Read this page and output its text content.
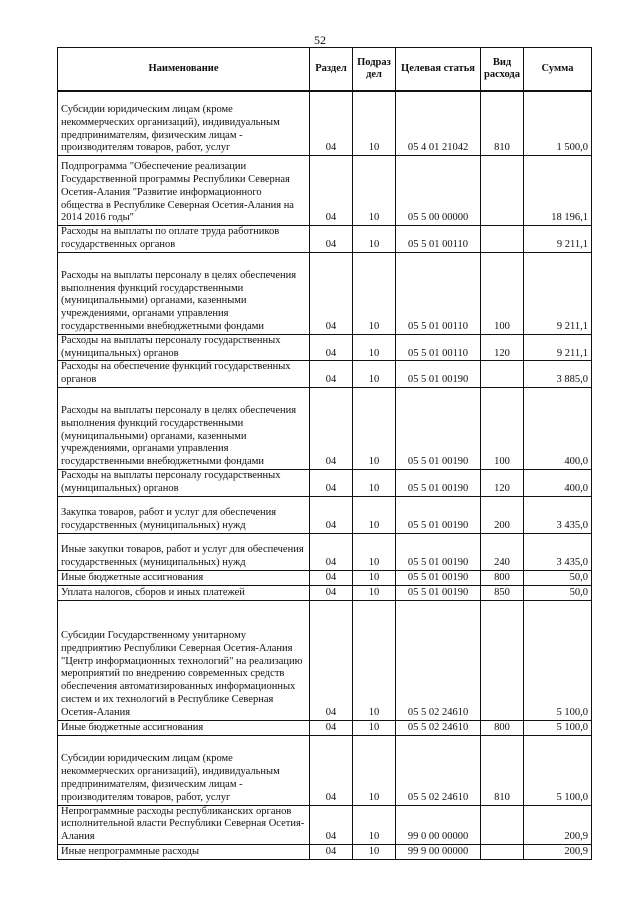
52
Наименование	Раздел	Подраз дел	Целевая статья	Вид расхода	Сумма
Субсидии юридическим лицам (кроме некоммерческих организаций), индивидуальным предпринимателям, физическим лицам - производителям товаров, работ, услуг	04	10	05 4 01 21042	810	1 500,0
Подпрограмма "Обеспечение реализации Государственной программы Республики Северная Осетия-Алания "Развитие информационного общества в Республике Северная Осетия-Алания на 2014 2016 годы"	04	10	05 5 00 00000		18 196,1
Расходы на выплаты по оплате труда работников государственных органов	04	10	05 5 01 00110		9 211,1
Расходы на выплаты персоналу в целях обеспечения выполнения функций государственными (муниципальными) органами, казенными учреждениями, органами управления государственными внебюджетными фондами	04	10	05 5 01 00110	100	9 211,1
Расходы на выплаты персоналу государственных (муниципальных) органов	04	10	05 5 01 00110	120	9 211,1
Расходы на обеспечение функций государственных органов	04	10	05 5 01 00190		3 885,0
Расходы на выплаты персоналу в целях обеспечения выполнения функций государственными (муниципальными) органами, казенными учреждениями, органами управления государственными внебюджетными фондами	04	10	05 5 01 00190	100	400,0
Расходы на выплаты персоналу государственных (муниципальных) органов	04	10	05 5 01 00190	120	400,0
Закупка товаров, работ и услуг для обеспечения государственных (муниципальных) нужд	04	10	05 5 01 00190	200	3 435,0
Иные закупки товаров, работ и услуг для обеспечения государственных (муниципальных) нужд	04	10	05 5 01 00190	240	3 435,0
Иные бюджетные ассигнования	04	10	05 5 01 00190	800	50,0
Уплата налогов, сборов и иных платежей	04	10	05 5 01 00190	850	50,0
Субсидии Государственному унитарному предприятию Республики Северная Осетия-Алания "Центр информационных технологий" на реализацию мероприятий по внедрению современных средств обеспечения автоматизированных информационных систем и их технологий в Республике Северная Осетия-Алания	04	10	05 5 02 24610		5 100,0
Иные бюджетные ассигнования	04	10	05 5 02 24610	800	5 100,0
Субсидии юридическим лицам (кроме некоммерческих организаций), индивидуальным предпринимателям, физическим лицам - производителям товаров, работ, услуг	04	10	05 5 02 24610	810	5 100,0
Непрограммные расходы республиканских органов исполнительной власти Республики Северная Осетия-Алания	04	10	99 0 00 00000		200,9
Иные непрограммные расходы	04	10	99 9 00 00000		200,9
